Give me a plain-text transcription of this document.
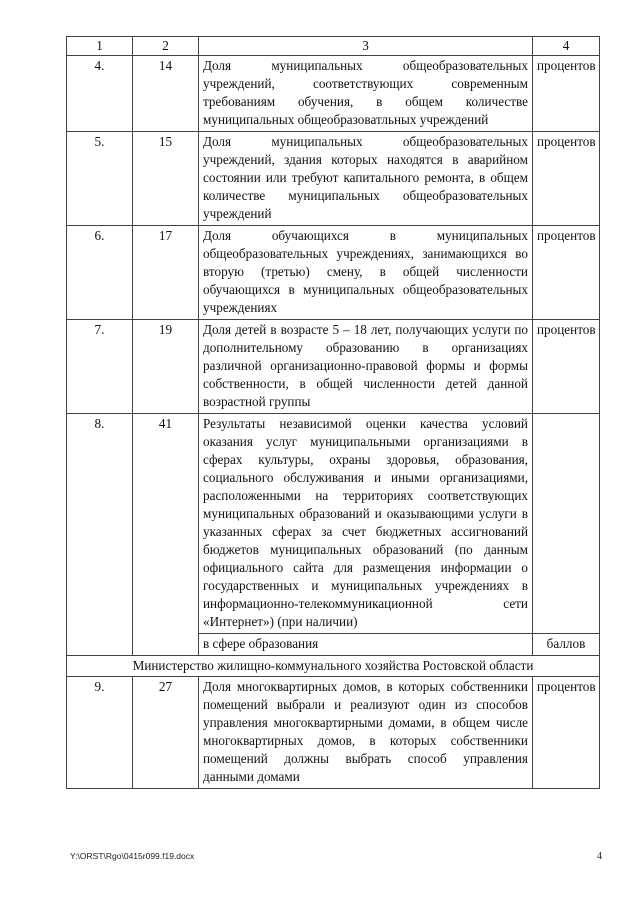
1	2	3	4
4.	14	Доля муниципальных общеобразовательных учреждений, соответствующих современным требованиям обучения, в общем количестве муниципальных общеобразоватльных учреждений	процентов
5.	15	Доля муниципальных общеобразовательных учреждений, здания которых находятся в аварийном состоянии или требуют капитального ремонта, в общем количестве муниципальных общеобразовательных учреждений	процентов
6.	17	Доля обучающихся в муниципальных общеобразовательных учреждениях, занимающихся во вторую (третью) смену, в общей численности обучающихся в муниципальных общеобразовательных учреждениях	процентов
7.	19	Доля детей в возрасте 5 – 18 лет, получающих услуги по дополнительному образованию в организациях различной организационно-правовой формы и формы собственности, в общей численности детей данной возрастной группы	процентов
8.	41	Результаты независимой оценки качества условий оказания услуг муниципальными организациями в сферах культуры, охраны здоровья, образования, социального обслуживания и иными организациями, расположенными на территориях соответствующих муниципальных образований и оказывающими услуги в указанных сферах за счет бюджетных ассигнований бюджетов муниципальных образований (по данным официального сайта для размещения информации о государственных и муниципальных учреждениях в информационно-телекоммуникационной сети «Интернет») (при наличии)	
		в сфере образования	баллов
Министерство жилищно-коммунального хозяйства Ростовской области			
9.	27	Доля многоквартирных домов, в которых собственники помещений выбрали и реализуют один из способов управления многоквартирными домами, в общем числе многоквартирных домов, в которых собственники помещений должны выбрать способ управления данными домами	процентов
Y:\ORST\Rgo\0415r099.f19.docx	4
